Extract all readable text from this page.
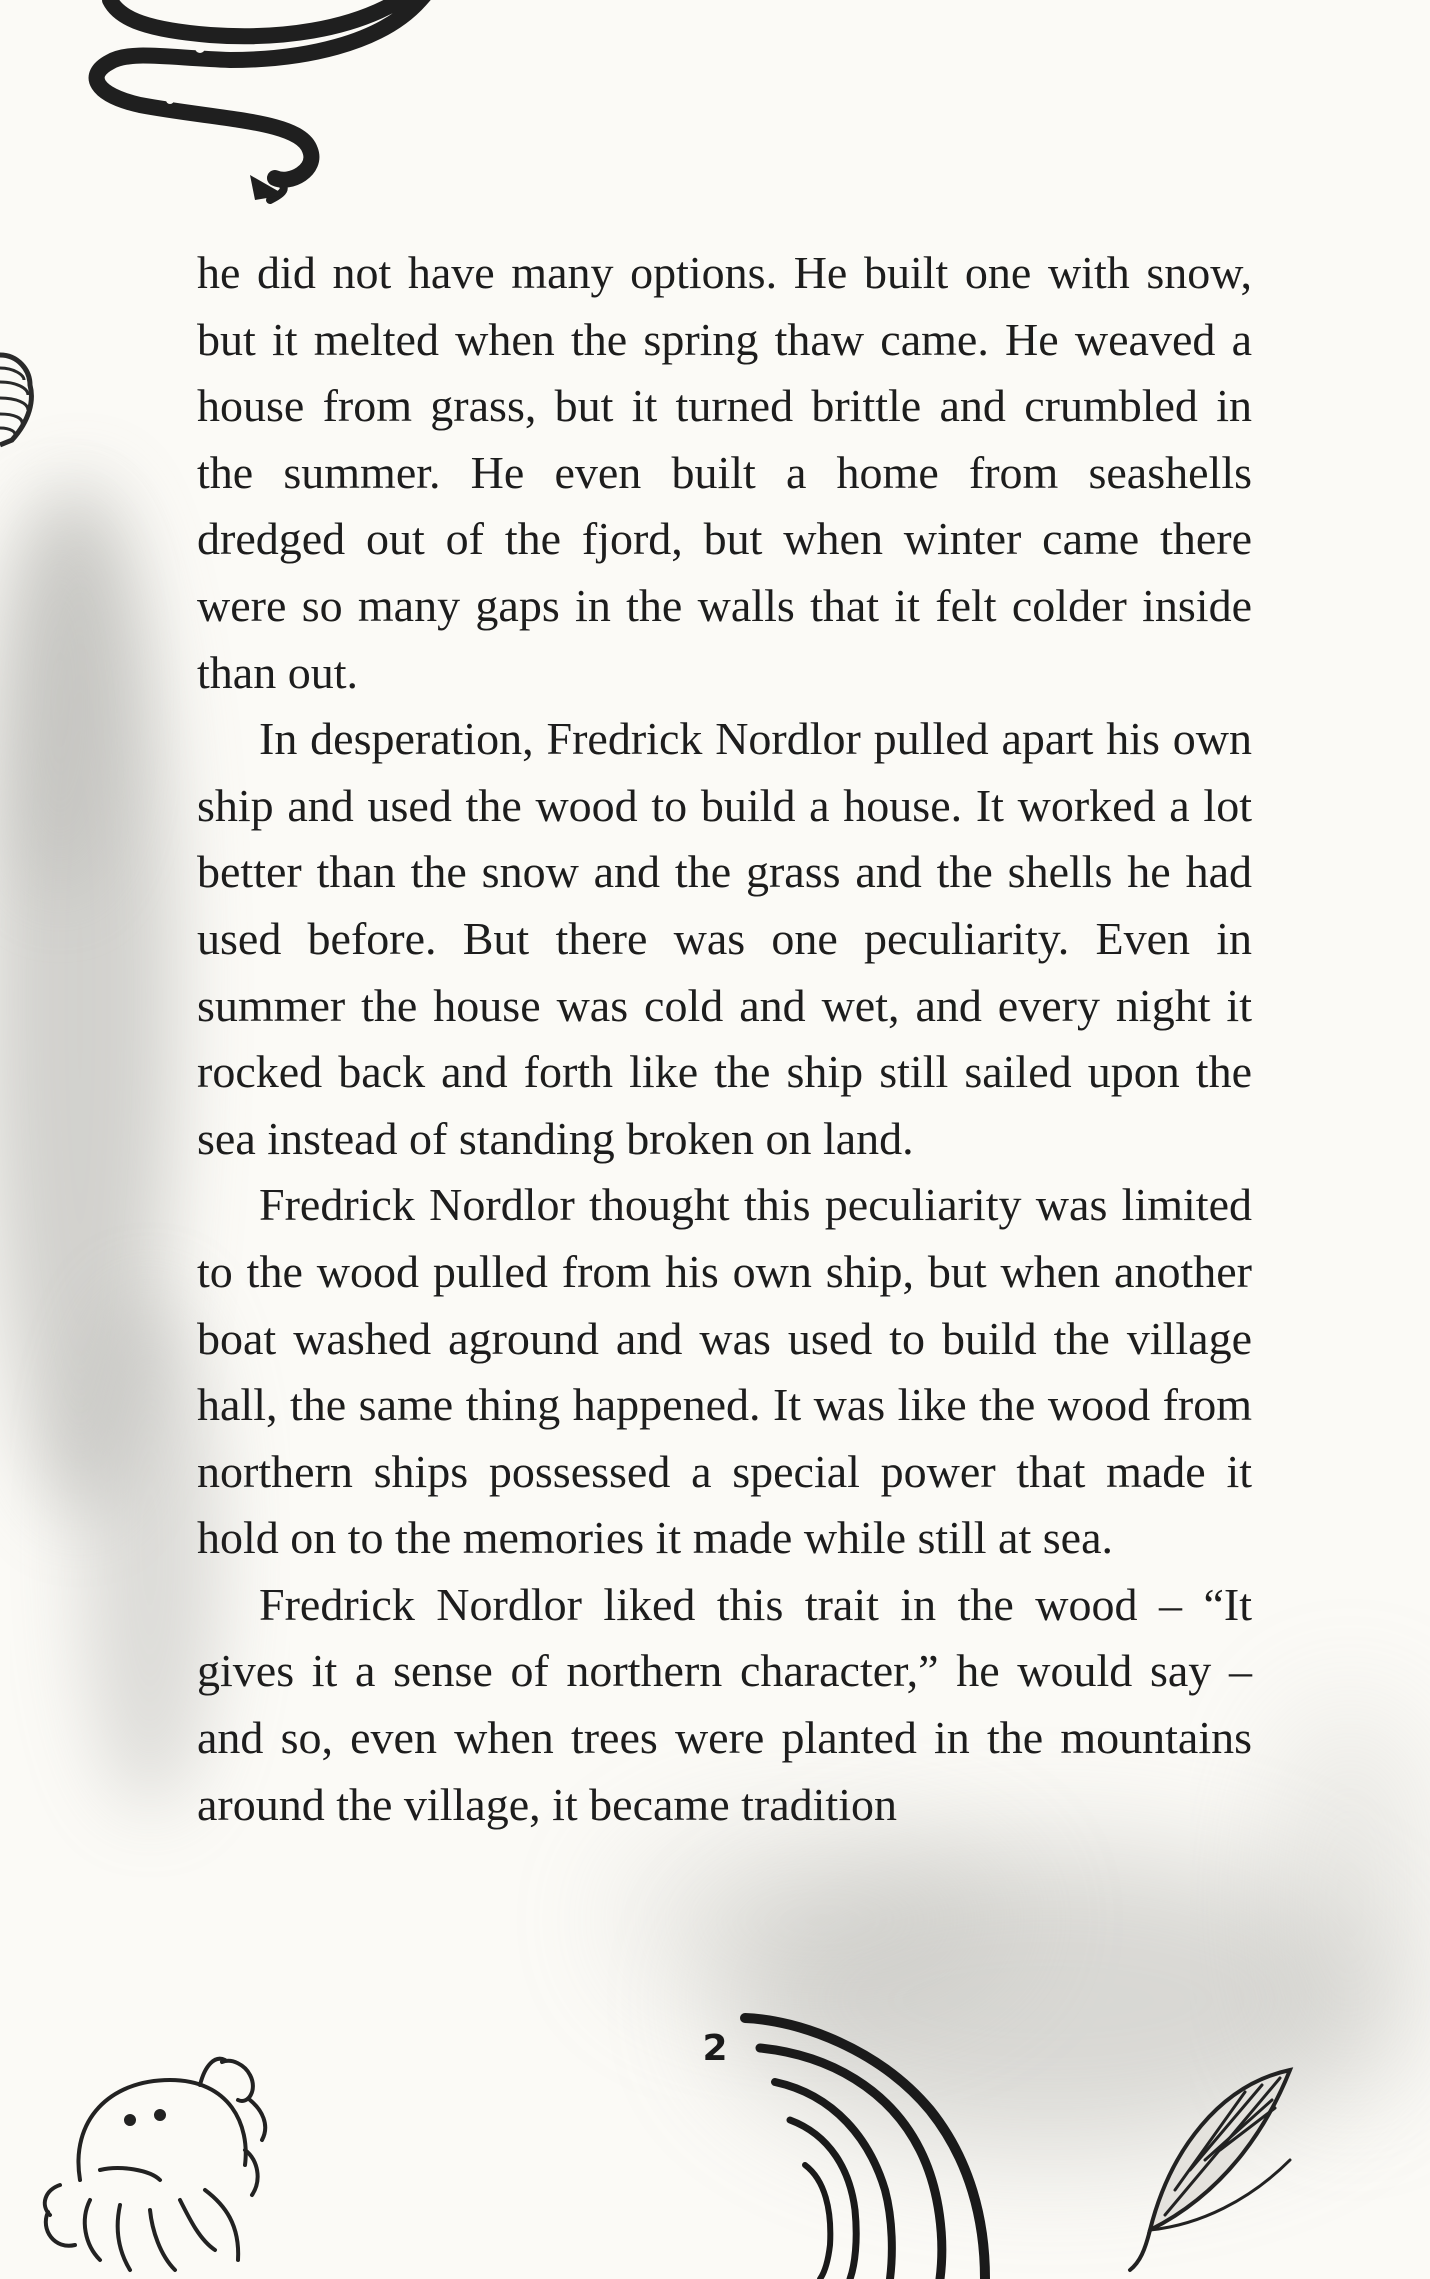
he did not have many options. He built one with snow, but it melted when the spring thaw came. He weaved a house from grass, but it turned brittle and crumbled in the summer. He even built a home from seashells dredged out of the fjord, but when winter came there were so many gaps in the walls that it felt colder inside than out.

In desperation, Fredrick Nordlor pulled apart his own ship and used the wood to build a house. It worked a lot better than the snow and the grass and the shells he had used before. But there was one peculiarity. Even in summer the house was cold and wet, and every night it rocked back and forth like the ship still sailed upon the sea instead of standing broken on land.

Fredrick Nordlor thought this peculiarity was limited to the wood pulled from his own ship, but when another boat washed aground and was used to build the village hall, the same thing happened. It was like the wood from northern ships possessed a special power that made it hold on to the memories it made while still at sea.

Fredrick Nordlor liked this trait in the wood – “It gives it a sense of northern character,” he would say – and so, even when trees were planted in the mountains around the village, it became tradition

2
